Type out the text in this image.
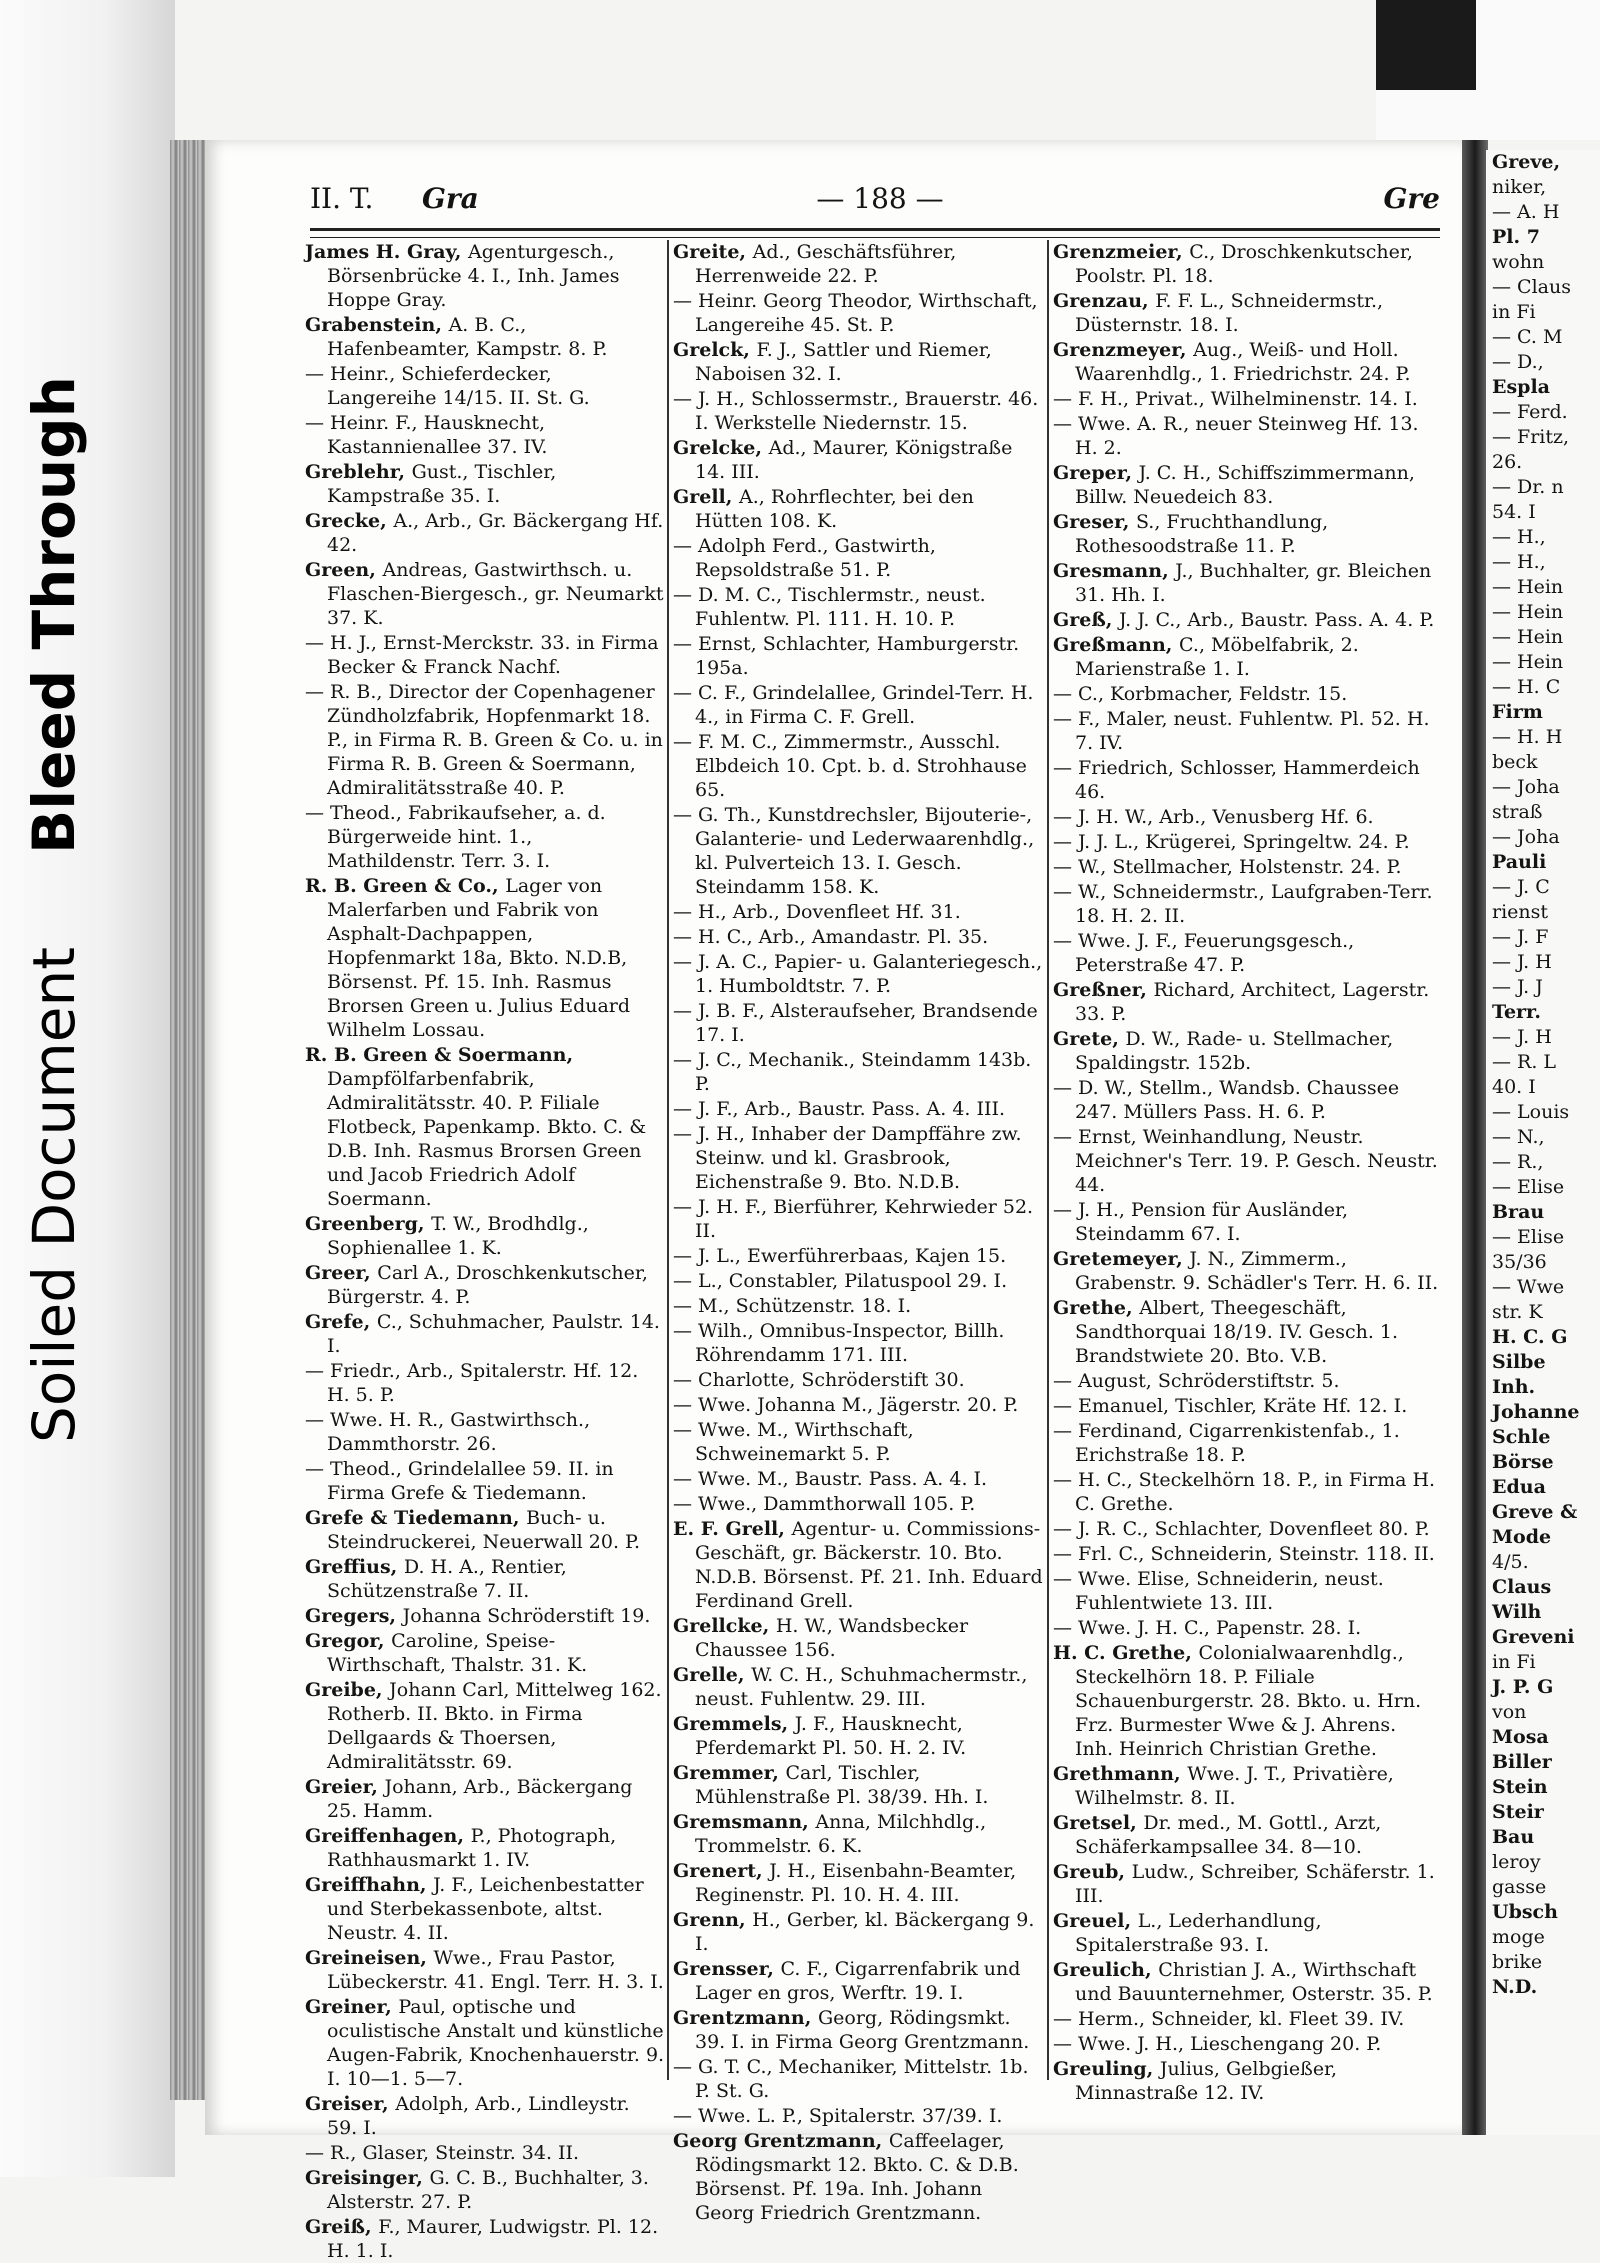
Bleed Through
Soiled Document
II. T. Gra	— 188 —	Gre
James H. Gray, Agenturgesch., Börsenbrücke 4. I., Inh. James Hoppe Gray.
Grabenstein, A. B. C., Hafenbeamter, Kampstr. 8. P.
— Heinr., Schieferdecker, Langereihe 14/15. II. St. G.
— Heinr. F., Hausknecht, Kastannienallee 37. IV.
Greblehr, Gust., Tischler, Kampstraße 35. I.
Grecke, A., Arb., Gr. Bäckergang Hf. 42.
Green, Andreas, Gastwirthsch. u. Flaschen-Biergesch., gr. Neumarkt 37. K.
— H. J., Ernst-Merckstr. 33. in Firma Becker & Franck Nachf.
— R. B., Director der Copenhagener Zündholzfabrik, Hopfenmarkt 18. P., in Firma R. B. Green & Co. u. in Firma R. B. Green & Soermann, Admiralitätsstraße 40. P.
— Theod., Fabrikaufseher, a. d. Bürgerweide hint. 1., Mathildenstr. Terr. 3. I.
R. B. Green & Co., Lager von Malerfarben und Fabrik von Asphalt-Dachpappen, Hopfenmarkt 18a, Bkto. N.D.B, Börsenst. Pf. 15. Inh. Rasmus Brorsen Green u. Julius Eduard Wilhelm Lossau.
R. B. Green & Soermann, Dampfölfarbenfabrik, Admiralitätsstr. 40. P. Filiale Flotbeck, Papenkamp. Bkto. C. & D.B. Inh. Rasmus Brorsen Green und Jacob Friedrich Adolf Soermann.
Greenberg, T. W., Brodhdlg., Sophienallee 1. K.
Greer, Carl A., Droschkenkutscher, Bürgerstr. 4. P.
Grefe, C., Schuhmacher, Paulstr. 14. I.
— Friedr., Arb., Spitalerstr. Hf. 12. H. 5. P.
— Wwe. H. R., Gastwirthsch., Dammthorstr. 26.
— Theod., Grindelallee 59. II. in Firma Grefe & Tiedemann.
Grefe & Tiedemann, Buch- u. Steindruckerei, Neuerwall 20. P.
Greffius, D. H. A., Rentier, Schützenstraße 7. II.
Gregers, Johanna Schröderstift 19.
Gregor, Caroline, Speise-Wirthschaft, Thalstr. 31. K.
Greibe, Johann Carl, Mittelweg 162. Rotherb. II. Bkto. in Firma Dellgaards & Thoersen, Admiralitätsstr. 69.
Greier, Johann, Arb., Bäckergang 25. Hamm.
Greiffenhagen, P., Photograph, Rathhausmarkt 1. IV.
Greiffhahn, J. F., Leichenbestatter und Sterbekassenbote, altst. Neustr. 4. II.
Greineisen, Wwe., Frau Pastor, Lübeckerstr. 41. Engl. Terr. H. 3. I.
Greiner, Paul, optische und oculistische Anstalt und künstliche Augen-Fabrik, Knochenhauerstr. 9. I. 10—1. 5—7.
Greiser, Adolph, Arb., Lindleystr. 59. I.
— R., Glaser, Steinstr. 34. II.
Greisinger, G. C. B., Buchhalter, 3. Alsterstr. 27. P.
Greiß, F., Maurer, Ludwigstr. Pl. 12. H. 1. I.
Greite, Ad., Geschäftsführer, Herrenweide 22. P.
— Heinr. Georg Theodor, Wirthschaft, Langereihe 45. St. P.
Grelck, F. J., Sattler und Riemer, Naboisen 32. I.
— J. H., Schlossermstr., Brauerstr. 46. I. Werkstelle Niedernstr. 15.
Grelcke, Ad., Maurer, Königstraße 14. III.
Grell, A., Rohrflechter, bei den Hütten 108. K.
— Adolph Ferd., Gastwirth, Repsoldstraße 51. P.
— D. M. C., Tischlermstr., neust. Fuhlentw. Pl. 111. H. 10. P.
— Ernst, Schlachter, Hamburgerstr. 195a.
— C. F., Grindelallee, Grindel-Terr. H. 4., in Firma C. F. Grell.
— F. M. C., Zimmermstr., Ausschl. Elbdeich 10. Cpt. b. d. Strohhause 65.
— G. Th., Kunstdrechsler, Bijouterie-, Galanterie- und Lederwaarenhdlg., kl. Pulverteich 13. I. Gesch. Steindamm 158. K.
— H., Arb., Dovenfleet Hf. 31.
— H. C., Arb., Amandastr. Pl. 35.
— J. A. C., Papier- u. Galanteriegesch., 1. Humboldtstr. 7. P.
— J. B. F., Alsteraufseher, Brandsende 17. I.
— J. C., Mechanik., Steindamm 143b. P.
— J. F., Arb., Baustr. Pass. A. 4. III.
— J. H., Inhaber der Dampffähre zw. Steinw. und kl. Grasbrook, Eichenstraße 9. Bto. N.D.B.
— J. H. F., Bierführer, Kehrwieder 52. II.
— J. L., Ewerführerbaas, Kajen 15.
— L., Constabler, Pilatuspool 29. I.
— M., Schützenstr. 18. I.
— Wilh., Omnibus-Inspector, Billh. Röhrendamm 171. III.
— Charlotte, Schröderstift 30.
— Wwe. Johanna M., Jägerstr. 20. P.
— Wwe. M., Wirthschaft, Schweinemarkt 5. P.
— Wwe. M., Baustr. Pass. A. 4. I.
— Wwe., Dammthorwall 105. P.
E. F. Grell, Agentur- u. Commissions-Geschäft, gr. Bäckerstr. 10. Bto. N.D.B. Börsenst. Pf. 21. Inh. Eduard Ferdinand Grell.
Grellcke, H. W., Wandsbecker Chaussee 156.
Grelle, W. C. H., Schuhmachermstr., neust. Fuhlentw. 29. III.
Gremmels, J. F., Hausknecht, Pferdemarkt Pl. 50. H. 2. IV.
Gremmer, Carl, Tischler, Mühlenstraße Pl. 38/39. Hh. I.
Gremsmann, Anna, Milchhdlg., Trommelstr. 6. K.
Grenert, J. H., Eisenbahn-Beamter, Reginenstr. Pl. 10. H. 4. III.
Grenn, H., Gerber, kl. Bäckergang 9. I.
Grensser, C. F., Cigarrenfabrik und Lager en gros, Werftr. 19. I.
Grentzmann, Georg, Rödingsmkt. 39. I. in Firma Georg Grentzmann.
— G. T. C., Mechaniker, Mittelstr. 1b. P. St. G.
— Wwe. L. P., Spitalerstr. 37/39. I.
Georg Grentzmann, Caffeelager, Rödingsmarkt 12. Bkto. C. & D.B. Börsenst. Pf. 19a. Inh. Johann Georg Friedrich Grentzmann.
Grenzmeier, C., Droschkenkutscher, Poolstr. Pl. 18.
Grenzau, F. F. L., Schneidermstr., Düsternstr. 18. I.
Grenzmeyer, Aug., Weiß- und Holl. Waarenhdlg., 1. Friedrichstr. 24. P.
— F. H., Privat., Wilhelminenstr. 14. I.
— Wwe. A. R., neuer Steinweg Hf. 13. H. 2.
Greper, J. C. H., Schiffszimmermann, Billw. Neuedeich 83.
Greser, S., Fruchthandlung, Rothesoodstraße 11. P.
Gresmann, J., Buchhalter, gr. Bleichen 31. Hh. I.
Greß, J. J. C., Arb., Baustr. Pass. A. 4. P.
Greßmann, C., Möbelfabrik, 2. Marienstraße 1. I.
— C., Korbmacher, Feldstr. 15.
— F., Maler, neust. Fuhlentw. Pl. 52. H. 7. IV.
— Friedrich, Schlosser, Hammerdeich 46.
— J. H. W., Arb., Venusberg Hf. 6.
— J. J. L., Krügerei, Springeltw. 24. P.
— W., Stellmacher, Holstenstr. 24. P.
— W., Schneidermstr., Laufgraben-Terr. 18. H. 2. II.
— Wwe. J. F., Feuerungsgesch., Peterstraße 47. P.
Greßner, Richard, Architect, Lagerstr. 33. P.
Grete, D. W., Rade- u. Stellmacher, Spaldingstr. 152b.
— D. W., Stellm., Wandsb. Chaussee 247. Müllers Pass. H. 6. P.
— Ernst, Weinhandlung, Neustr. Meichner's Terr. 19. P. Gesch. Neustr. 44.
— J. H., Pension für Ausländer, Steindamm 67. I.
Gretemeyer, J. N., Zimmerm., Grabenstr. 9. Schädler's Terr. H. 6. II.
Grethe, Albert, Theegeschäft, Sandthorquai 18/19. IV. Gesch. 1. Brandstwiete 20. Bto. V.B.
— August, Schröderstiftstr. 5.
— Emanuel, Tischler, Kräte Hf. 12. I.
— Ferdinand, Cigarrenkistenfab., 1. Erichstraße 18. P.
— H. C., Steckelhörn 18. P., in Firma H. C. Grethe.
— J. R. C., Schlachter, Dovenfleet 80. P.
— Frl. C., Schneiderin, Steinstr. 118. II.
— Wwe. Elise, Schneiderin, neust. Fuhlentwiete 13. III.
— Wwe. J. H. C., Papenstr. 28. I.
H. C. Grethe, Colonialwaarenhdlg., Steckelhörn 18. P. Filiale Schauenburgerstr. 28. Bkto. u. Hrn. Frz. Burmester Wwe & J. Ahrens. Inh. Heinrich Christian Grethe.
Grethmann, Wwe. J. T., Privatière, Wilhelmstr. 8. II.
Gretsel, Dr. med., M. Gottl., Arzt, Schäferkampsallee 34. 8—10.
Greub, Ludw., Schreiber, Schäferstr. 1. III.
Greuel, L., Lederhandlung, Spitalerstraße 93. I.
Greulich, Christian J. A., Wirthschaft und Bauunternehmer, Osterstr. 35. P.
— Herm., Schneider, kl. Fleet 39. IV.
— Wwe. J. H., Lieschengang 20. P.
Greuling, Julius, Gelbgießer, Minnastraße 12. IV.
Greve,
niker,
— A. H
Pl. 7
wohn
— Claus
in Fi
— C. M
— D.,
Espla
— Ferd.
— Fritz,
26.
— Dr. n
54. I
— H.,
— H.,
— Hein
— Hein
— Hein
— Hein
— H. C
Firm
— H. H
beck
— Joha
straß
— Joha
Pauli
— J. C
rienst
— J. F
— J. H
— J. J
Terr.
— J. H
— R. L
40. I
— Louis
— N.,
— R.,
— Elise
Brau
— Elise
35/36
— Wwe
str. K
H. C. G
Silbe
Inh.
Johanne
Schle
Börse
Edua
Greve &
Mode
4/5.
Claus
Wilh
Greveni
in Fi
J. P. G
von
Mosa
Biller
Stein
Steir
Bau
leroy
gasse
Ubsch
moge
brike
N.D.
